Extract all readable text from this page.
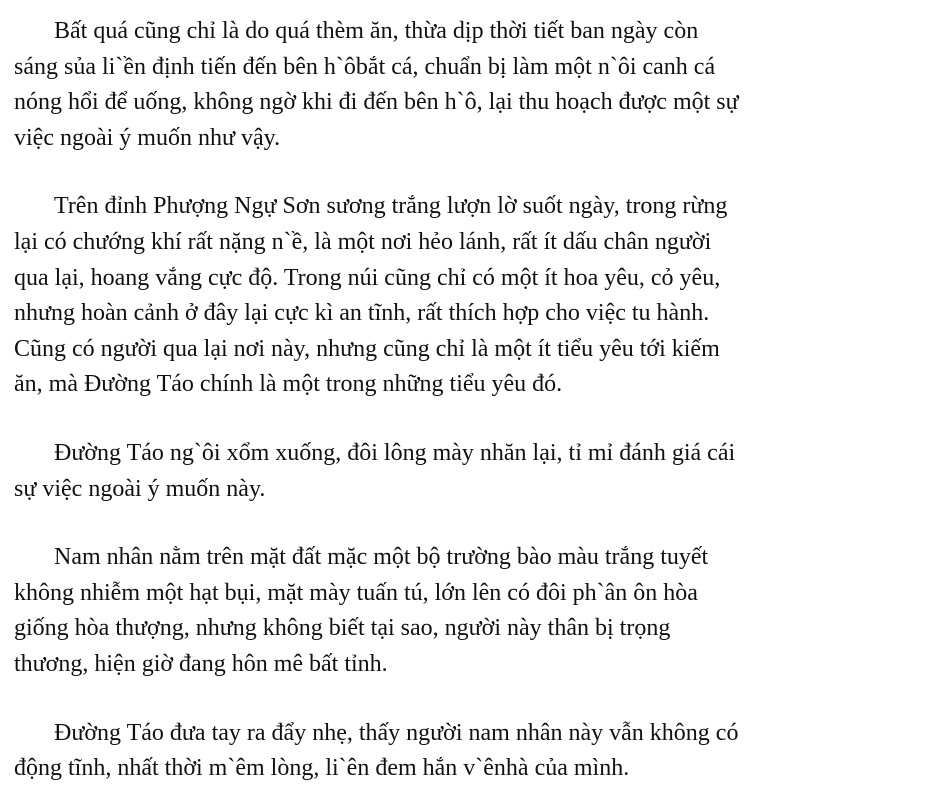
Bất quá cũng chỉ là do quá thèm ăn, thừa dịp thời tiết ban ngày còn
sáng sủa li`ền định tiến đến bên h`ôbắt cá, chuẩn bị làm một n`ôi canh cá
nóng hổi để uống, không ngờ khi đi đến bên h`ô, lại thu hoạch được một sự
việc ngoài ý muốn như vậy.
Trên đỉnh Phượng Ngự Sơn sương trắng lượn lờ suốt ngày, trong rừng
lại có chướng khí rất nặng n`ề, là một nơi hẻo lánh, rất ít dấu chân người
qua lại, hoang vắng cực độ. Trong núi cũng chỉ có một ít hoa yêu, cỏ yêu,
nhưng hoàn cảnh ở đây lại cực kì an tĩnh, rất thích hợp cho việc tu hành.
Cũng có người qua lại nơi này, nhưng cũng chỉ là một ít tiểu yêu tới kiếm
ăn, mà Đường Táo chính là một trong những tiểu yêu đó.
Đường Táo ng`ôi xổm xuống, đôi lông mày nhăn lại, tỉ mỉ đánh giá cái
sự việc ngoài ý muốn này.
Nam nhân nằm trên mặt đất mặc một bộ trường bào màu trắng tuyết
không nhiễm một hạt bụi, mặt mày tuấn tú, lớn lên có đôi ph`ân ôn hòa
giống hòa thượng, nhưng không biết tại sao, người này thân bị trọng
thương, hiện giờ đang hôn mê bất tỉnh.
Đường Táo đưa tay ra đẩy nhẹ, thấy người nam nhân này vẫn không có
động tĩnh, nhất thời m`êm lòng, li`ên đem hắn v`ênhà của mình.
